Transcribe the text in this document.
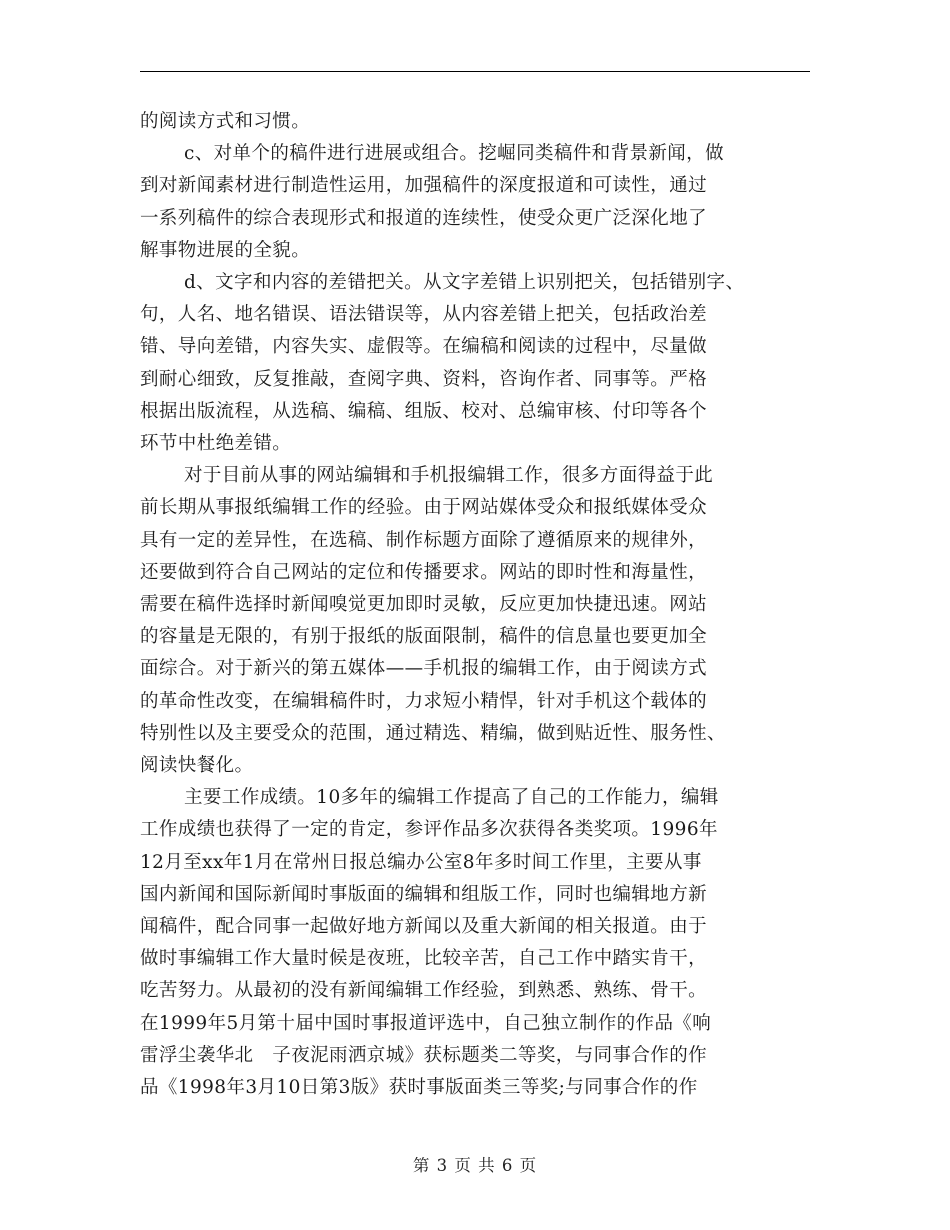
的阅读方式和习惯。

c、对单个的稿件进行进展或组合。挖崛同类稿件和背景新闻，做
到对新闻素材进行制造性运用，加强稿件的深度报道和可读性，通过
一系列稿件的综合表现形式和报道的连续性，使受众更广泛深化地了
解事物进展的全貌。

d、文字和内容的差错把关。从文字差错上识别把关，包括错别字、
句，人名、地名错误、语法错误等，从内容差错上把关，包括政治差
错、导向差错，内容失实、虚假等。在编稿和阅读的过程中，尽量做
到耐心细致，反复推敲，查阅字典、资料，咨询作者、同事等。严格
根据出版流程，从选稿、编稿、组版、校对、总编审核、付印等各个
环节中杜绝差错。

对于目前从事的网站编辑和手机报编辑工作，很多方面得益于此
前长期从事报纸编辑工作的经验。由于网站媒体受众和报纸媒体受众
具有一定的差异性，在选稿、制作标题方面除了遵循原来的规律外，
还要做到符合自己网站的定位和传播要求。网站的即时性和海量性，
需要在稿件选择时新闻嗅觉更加即时灵敏，反应更加快捷迅速。网站
的容量是无限的，有别于报纸的版面限制，稿件的信息量也要更加全
面综合。对于新兴的第五媒体——手机报的编辑工作，由于阅读方式
的革命性改变，在编辑稿件时，力求短小精悍，针对手机这个载体的
特别性以及主要受众的范围，通过精选、精编，做到贴近性、服务性、
阅读快餐化。

主要工作成绩。10多年的编辑工作提高了自己的工作能力，编辑
工作成绩也获得了一定的肯定，参评作品多次获得各类奖项。1996年
12月至xx年1月在常州日报总编办公室8年多时间工作里，主要从事
国内新闻和国际新闻时事版面的编辑和组版工作，同时也编辑地方新
闻稿件，配合同事一起做好地方新闻以及重大新闻的相关报道。由于
做时事编辑工作大量时候是夜班，比较辛苦，自己工作中踏实肯干，
吃苦努力。从最初的没有新闻编辑工作经验，到熟悉、熟练、骨干。
在1999年5月第十届中国时事报道评选中，自己独立制作的作品《响
雷浮尘袭华北　子夜泥雨洒京城》获标题类二等奖，与同事合作的作
品《1998年3月10日第3版》获时事版面类三等奖;与同事合作的作

第 3 页 共 6 页
